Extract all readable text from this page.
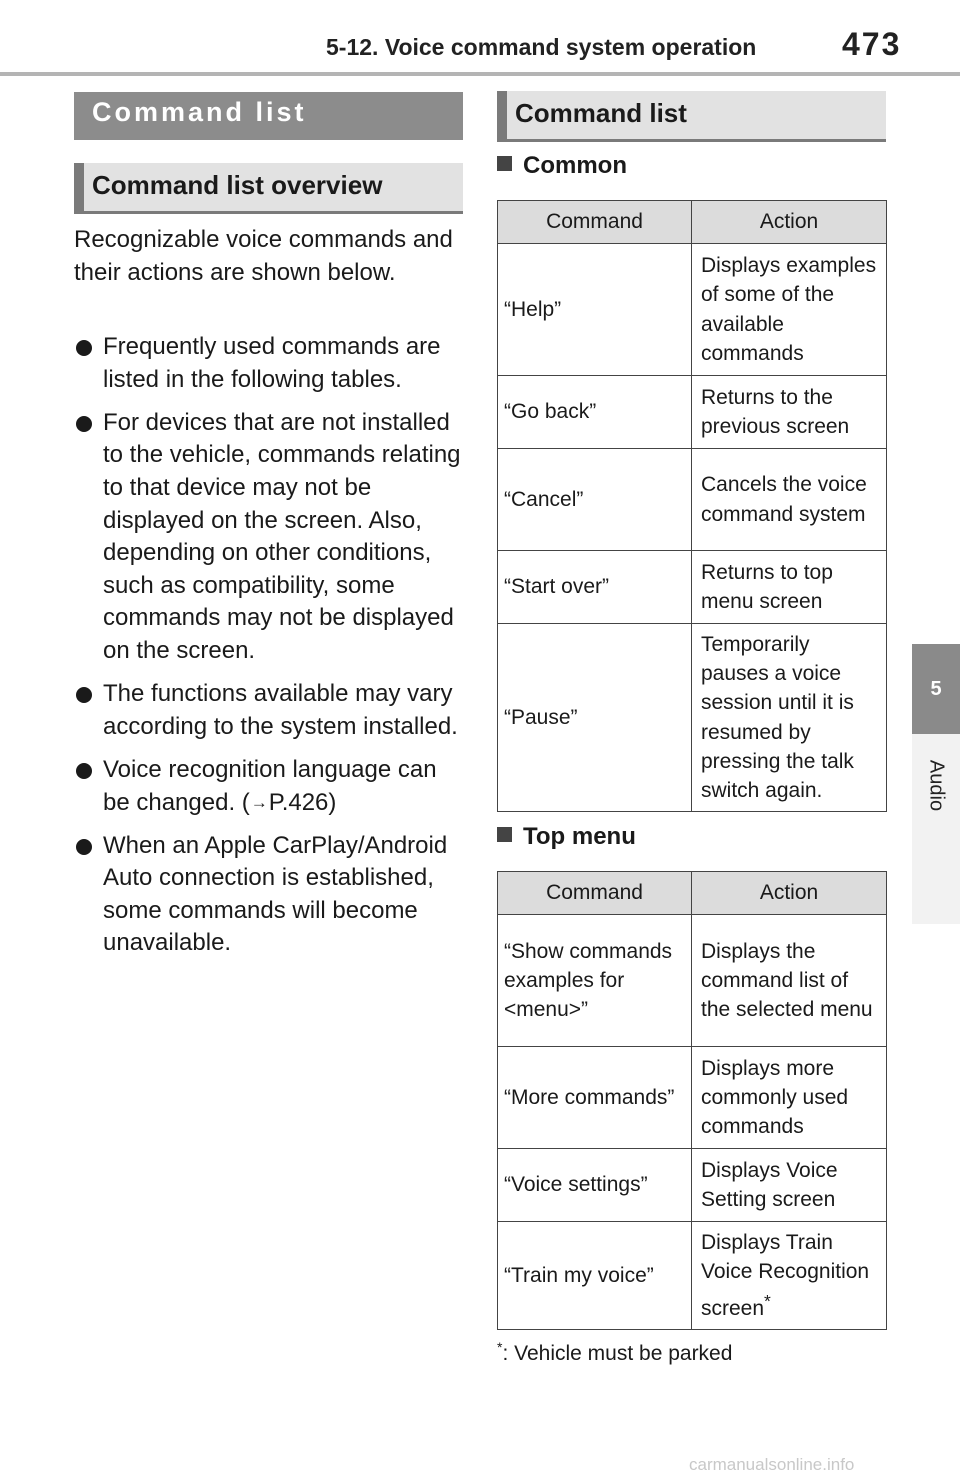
5-12. Voice command system operation	473
5
Audio
Command list
Command list overview

Recognizable voice commands and their actions are shown below.

Frequently used commands are listed in the following tables.
For devices that are not installed to the vehicle, commands relating to that device may not be displayed on the screen. Also, depending on other conditions, such as compatibility, some commands may not be displayed on the screen.
The functions available may vary according to the system installed.
Voice recognition language can be changed. (→P.426)
When an Apple CarPlay/Android Auto connection is established, some commands will become unavailable.
Command list
Common
Command	Action
“Help”	Displays examples of some of the available commands
“Go back”	Returns to the previous screen
“Cancel”	Cancels the voice command system
“Start over”	Returns to top menu screen
“Pause”	Temporarily pauses a voice session until it is resumed by pressing the talk switch again.
Top menu
Command	Action
“Show commands examples for <menu>”	Displays the command list of the selected menu
“More commands”	Displays more commonly used commands
“Voice settings”	Displays Voice Setting screen
“Train my voice”	Displays Train Voice Recognition screen*
*: Vehicle must be parked
carmanualsonline.info
